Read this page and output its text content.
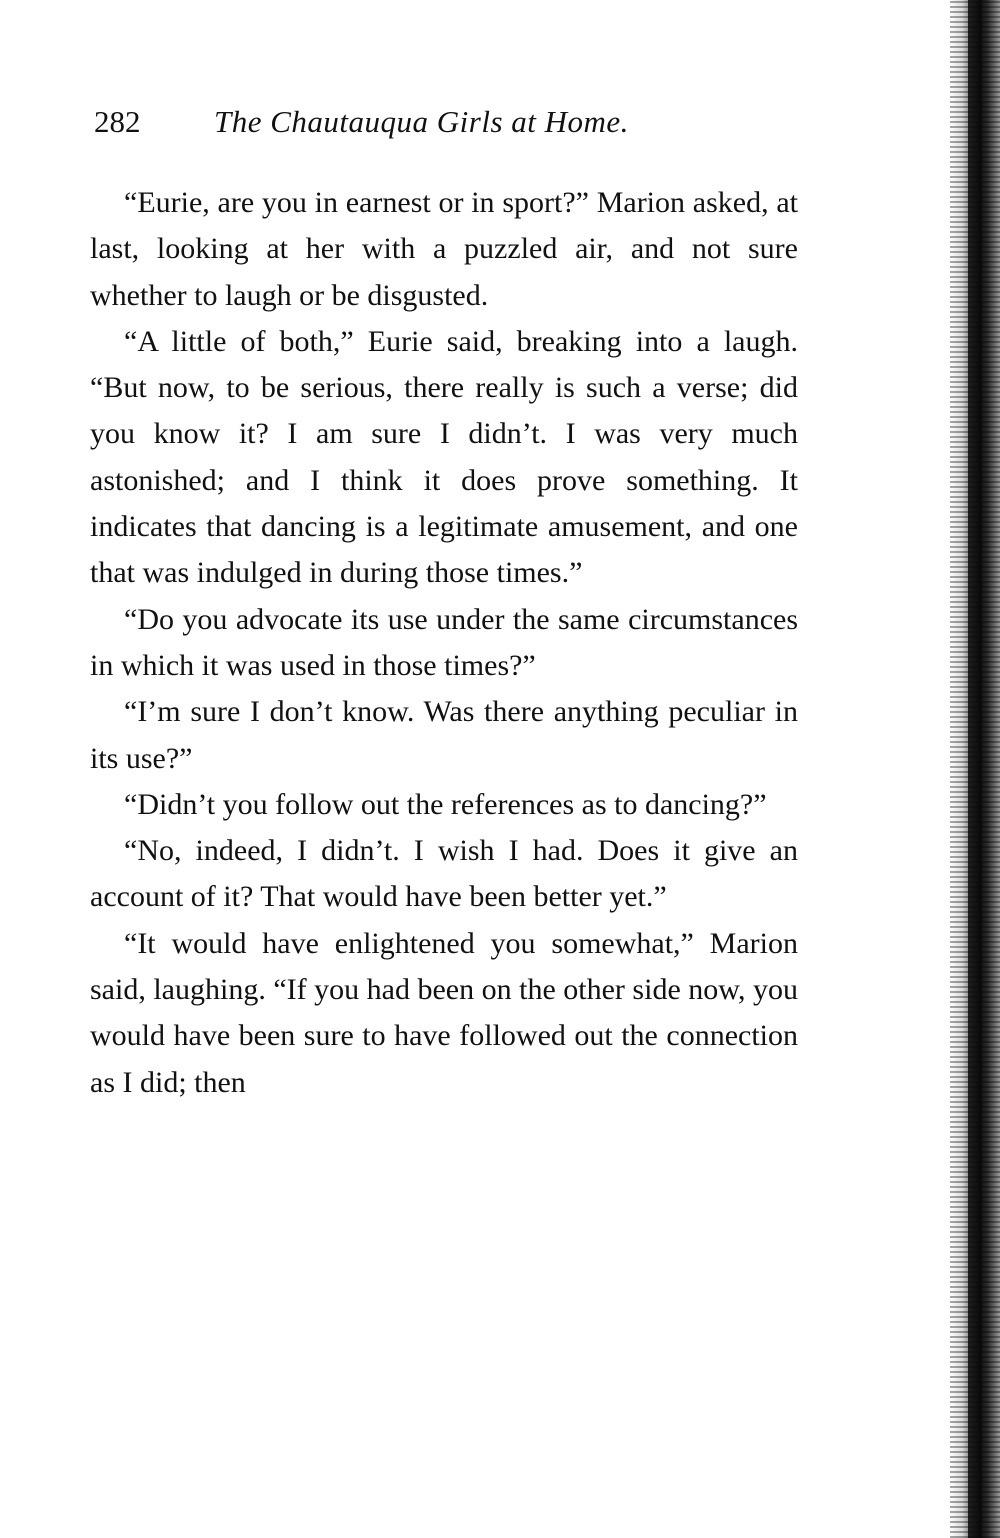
282 The Chautauqua Girls at Home.

“Eurie, are you in earnest or in sport?” Marion asked, at last, looking at her with a puzzled air, and not sure whether to laugh or be disgusted.

“A little of both,” Eurie said, breaking into a laugh. “But now, to be serious, there really is such a verse; did you know it? I am sure I didn’t. I was very much astonished; and I think it does prove something. It indicates that dancing is a legitimate amusement, and one that was indulged in during those times.”

“Do you advocate its use under the same circumstances in which it was used in those times?”

“I’m sure I don’t know. Was there anything peculiar in its use?”

“Didn’t you follow out the references as to dancing?”

“No, indeed, I didn’t. I wish I had. Does it give an account of it? That would have been better yet.”

“It would have enlightened you somewhat,” Marion said, laughing. “If you had been on the other side now, you would have been sure to have followed out the connection as I did; then
